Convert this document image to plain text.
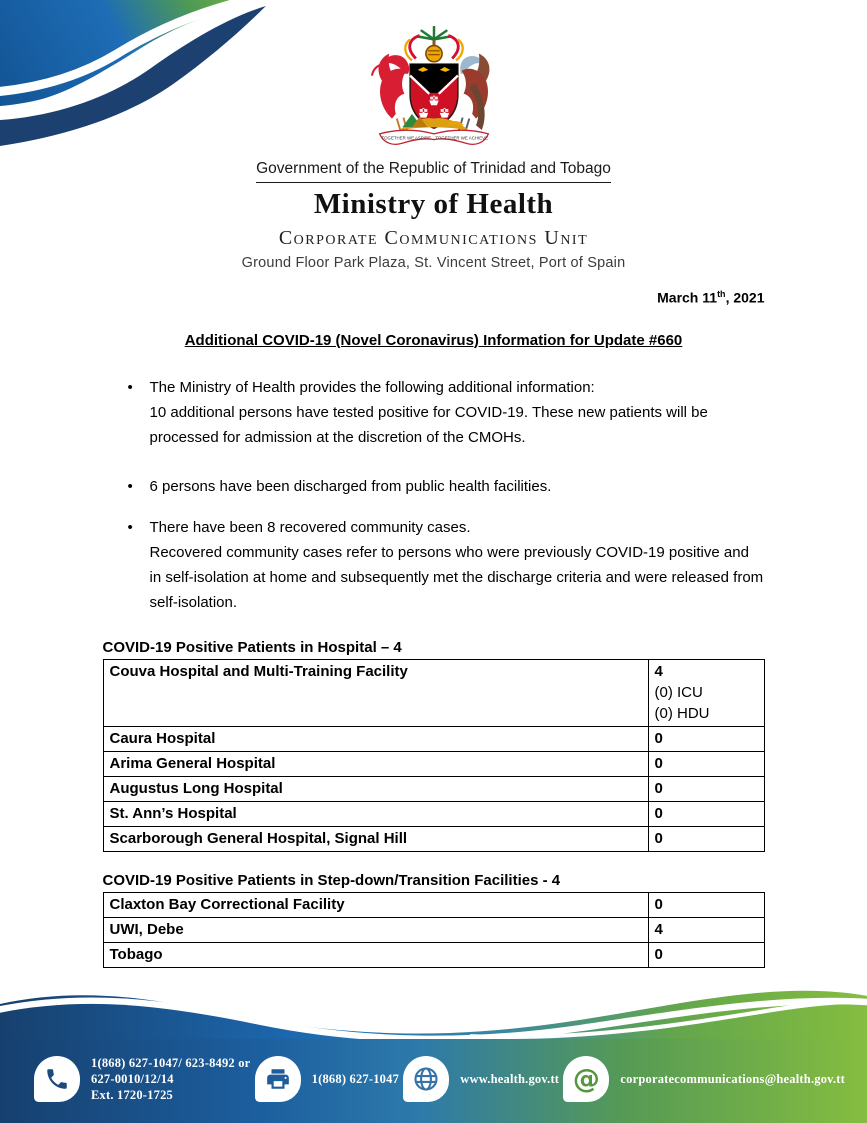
TOGETHER WE ASPIRE TOGETHER WE ACHIEVE
Government of the Republic of Trinidad and Tobago
Ministry of Health
Corporate Communications Unit
Ground Floor Park Plaza, St. Vincent Street, Port of Spain
March 11th, 2021
Additional COVID-19 (Novel Coronavirus) Information for Update #660
•	The Ministry of Health provides the following additional information:
10 additional persons have tested positive for COVID-19. These new patients will be processed for admission at the discretion of the CMOHs.
•	6 persons have been discharged from public health facilities.
•	There have been 8 recovered community cases.
Recovered community cases refer to persons who were previously COVID-19 positive and in self-isolation at home and subsequently met the discharge criteria and were released from self-isolation.
COVID-19 Positive Patients in Hospital – 4
Couva Hospital and Multi-Training Facility	4
(0) ICU
(0) HDU

Caura Hospital	0
Arima General Hospital	0
Augustus Long Hospital	0
St. Ann’s Hospital	0
Scarborough General Hospital, Signal Hill	0
COVID-19 Positive Patients in Step-down/Transition Facilities - 4
Claxton Bay Correctional Facility	0
UWI, Debe	4
Tobago	0
1(868) 627-1047/ 623-8492 or
627-0010/12/14
Ext. 1720-1725
1(868) 627-1047	www.health.gov.tt @ corporatecommunications@health.gov.tt
